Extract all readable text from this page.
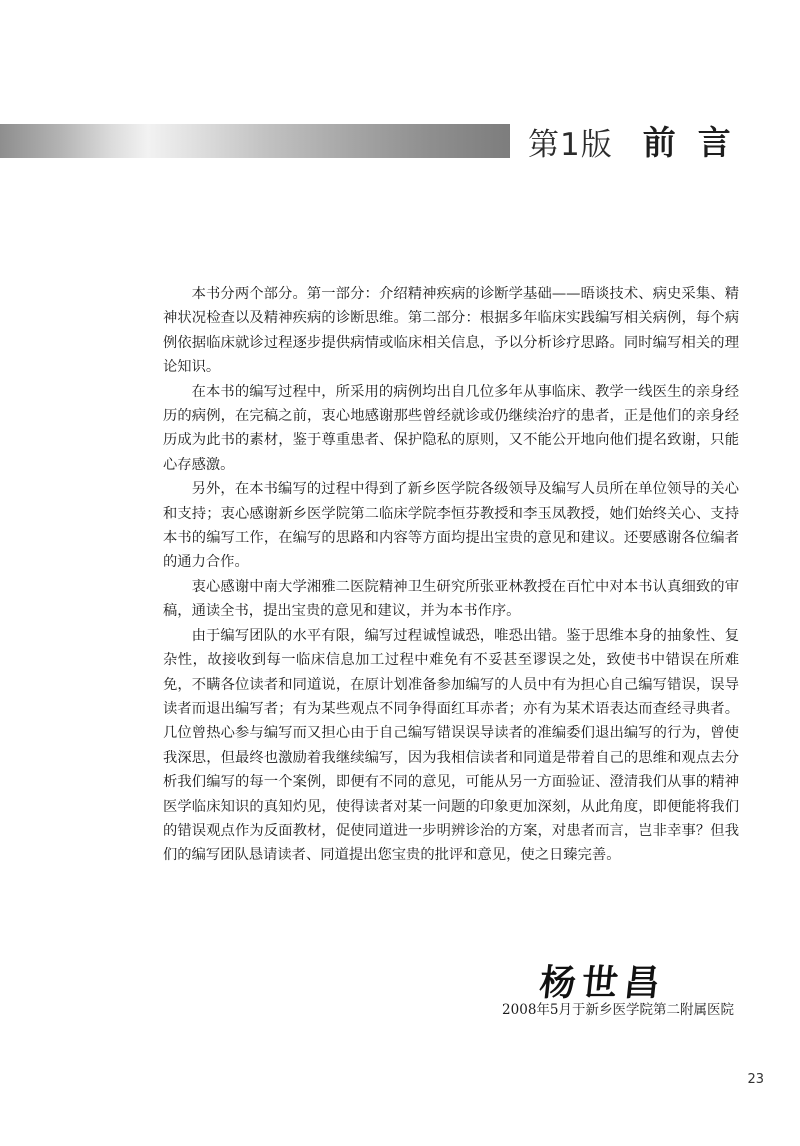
第1版 前言

本书分两个部分。第一部分：介绍精神疾病的诊断学基础——晤谈技术、病史采集、精神状况检查以及精神疾病的诊断思维。第二部分：根据多年临床实践编写相关病例，每个病例依据临床就诊过程逐步提供病情或临床相关信息，予以分析诊疗思路。同时编写相关的理论知识。

在本书的编写过程中，所采用的病例均出自几位多年从事临床、教学一线医生的亲身经历的病例，在完稿之前，衷心地感谢那些曾经就诊或仍继续治疗的患者，正是他们的亲身经历成为此书的素材，鉴于尊重患者、保护隐私的原则，又不能公开地向他们提名致谢，只能心存感激。

另外，在本书编写的过程中得到了新乡医学院各级领导及编写人员所在单位领导的关心和支持；衷心感谢新乡医学院第二临床学院李恒芬教授和李玉凤教授，她们始终关心、支持本书的编写工作，在编写的思路和内容等方面均提出宝贵的意见和建议。还要感谢各位编者的通力合作。

衷心感谢中南大学湘雅二医院精神卫生研究所张亚林教授在百忙中对本书认真细致的审稿，通读全书，提出宝贵的意见和建议，并为本书作序。

由于编写团队的水平有限，编写过程诚惶诚恐，唯恐出错。鉴于思维本身的抽象性、复杂性，故接收到每一临床信息加工过程中难免有不妥甚至谬误之处，致使书中错误在所难免，不瞒各位读者和同道说，在原计划准备参加编写的人员中有为担心自己编写错误，误导读者而退出编写者；有为某些观点不同争得面红耳赤者；亦有为某术语表达而查经寻典者。几位曾热心参与编写而又担心由于自己编写错误误导读者的准编委们退出编写的行为，曾使我深思，但最终也激励着我继续编写，因为我相信读者和同道是带着自己的思维和观点去分析我们编写的每一个案例，即便有不同的意见，可能从另一方面验证、澄清我们从事的精神医学临床知识的真知灼见，使得读者对某一问题的印象更加深刻，从此角度，即便能将我们的错误观点作为反面教材，促使同道进一步明辨诊治的方案，对患者而言，岂非幸事？但我们的编写团队恳请读者、同道提出您宝贵的批评和意见，使之日臻完善。

杨世昌
2008年5月于新乡医学院第二附属医院
23
